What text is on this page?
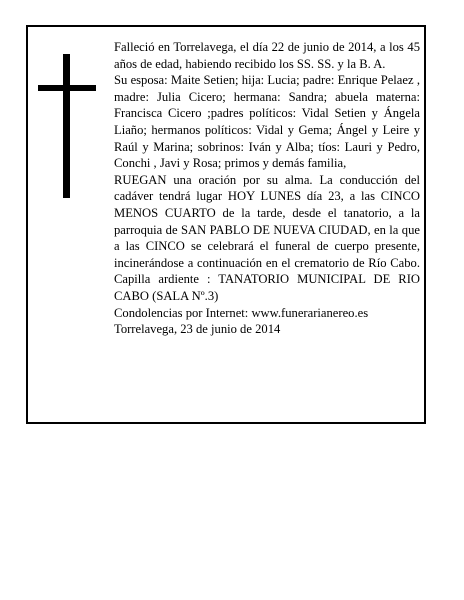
Falleció en Torrelavega, el día 22 de junio de 2014, a los 45 años de edad, habiendo recibido los SS. SS. y la B. A.

Su esposa: Maite Setien; hija: Lucia; padre: Enrique Pelaez , madre: Julia Cicero; hermana: Sandra; abuela materna: Francisca Cicero ;padres políticos: Vidal Setien y Ángela Liaño; hermanos políticos: Vidal y Gema; Ángel y Leire y Raúl y Marina; sobrinos: Iván y Alba; tíos: Lauri y Pedro, Conchi , Javi y Rosa; primos y demás familia,

RUEGAN una oración por su alma. La conducción del cadáver tendrá lugar HOY LUNES día 23, a las CINCO MENOS CUARTO de la tarde, desde el tanatorio, a la parroquia de SAN PABLO DE NUEVA CIUDAD, en la que a las CINCO se celebrará el funeral de cuerpo presente, incinerándose a continuación en el crematorio de Río Cabo. Capilla ardiente : TANATORIO MUNICIPAL DE RIO CABO (SALA Nº.3)

Condolencias por Internet: www.funerarianereo.es

Torrelavega, 23 de junio de 2014
